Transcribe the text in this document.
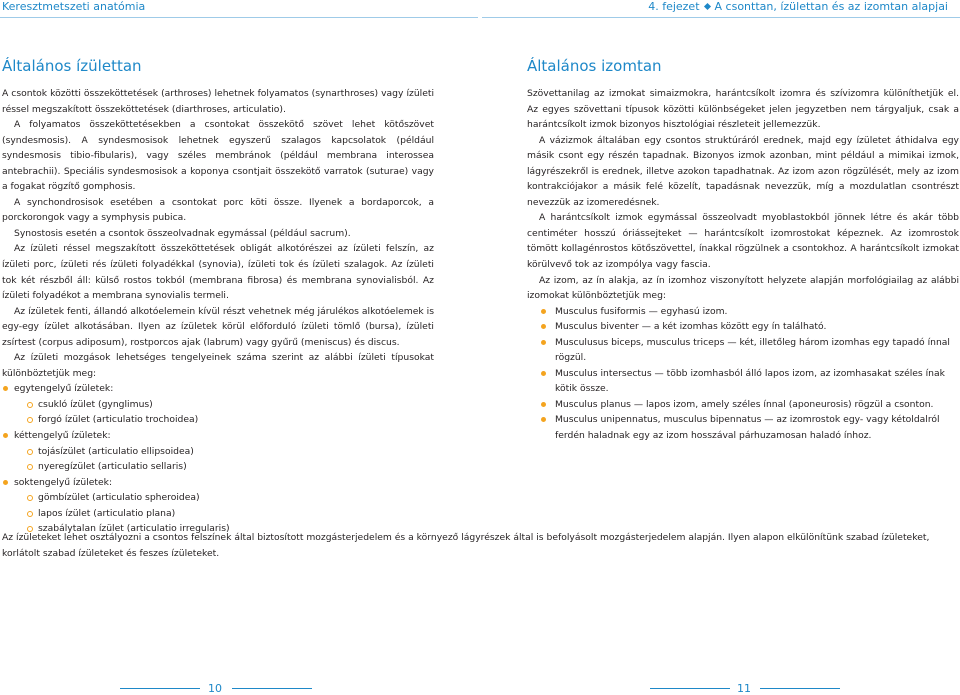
Keresztmetszeti anatómia	4. fejezet A csonttan, ízülettan és az izomtan alapjai
Általános ízülettan	Általános izomtan

A csontok közötti összeköttetések (arthroses) lehetnek folyamatos (synarthroses) vagy ízületi réssel megszakított összeköttetések (diarthroses, articulatio).

A folyamatos összeköttetésekben a csontokat összekötő szövet lehet kötőszövet (syndesmosis). A syndesmosisok lehetnek egyszerű szalagos kapcsolatok (például syndesmosis tibio-fibularis), vagy széles membránok (például membrana interossea antebrachii). Speciális syndesmosisok a koponya csontjait összekötő varratok (suturae) vagy a fogakat rögzítő gomphosis.

A synchondrosisok esetében a csontokat porc köti össze. Ilyenek a bordaporcok, a porckorongok vagy a symphysis pubica.

Synostosis esetén a csontok összeolvadnak egymással (például sacrum).

Az ízületi réssel megszakított összeköttetések obligát alkotórészei az ízületi felszín, az ízületi porc, ízületi rés ízületi folyadékkal (synovia), ízületi tok és ízületi szalagok. Az ízületi tok két részből áll: külső rostos tokból (membrana fibrosa) és membrana synovialisból. Az ízületi folyadékot a membrana synovialis termeli.

Az ízületek fenti, állandó alkotóelemein kívül részt vehetnek még járulékos alkotóelemek is egy-egy ízület alkotásában. Ilyen az ízületek körül előforduló ízületi tömlő (bursa), ízületi zsírtest (corpus adiposum), rostporcos ajak (labrum) vagy gyűrű (meniscus) és discus.

Az ízületi mozgások lehetséges tengelyeinek száma szerint az alábbi ízületi típusokat különböztetjük meg:

egytengelyű ízületek:
csukló ízület (gynglimus)
forgó ízület (articulatio trochoidea)
kéttengelyű ízületek:
tojásízület (articulatio ellipsoidea)
nyeregízület (articulatio sellaris)
soktengelyű ízületek:
gömbízület (articulatio spheroidea)
lapos ízület (articulatio plana)
szabálytalan ízület (articulatio irregularis)

Szövettanilag az izmokat simaizmokra, harántcsíkolt izomra és szívizomra különíthetjük el. Az egyes szövettani típusok közötti különbségeket jelen jegyzetben nem tárgyaljuk, csak a harántcsíkolt izmok bizonyos hisztológiai részleteit jellemezzük.

A vázizmok általában egy csontos struktúráról erednek, majd egy ízületet áthidalva egy másik csont egy részén tapadnak. Bizonyos izmok azonban, mint például a mimikai izmok, lágyrészekről is erednek, illetve azokon tapadhatnak. Az izom azon rögzülését, mely az izom kontrakciójakor a másik felé közelít, tapadásnak nevezzük, míg a mozdulatlan csontrészt nevezzük az izomeredésnek.

A harántcsíkolt izmok egymással összeolvadt myoblastokból jönnek létre és akár több centiméter hosszú óriássejteket — harántcsíkolt izomrostokat képeznek. Az izomrostok tömött kollagénrostos kötőszövettel, ínakkal rögzülnek a csontokhoz. A harántcsíkolt izmokat körülvevő tok az izompólya vagy fascia.

Az izom, az ín alakja, az ín izomhoz viszonyított helyzete alapján morfológiailag az alábbi izomokat különböztetjük meg:

Musculus fusiformis — egyhasú izom.
Musculus biventer — a két izomhas között egy ín található.
Musculusus biceps, musculus triceps — két, illetőleg három izomhas egy tapadó ínnal rögzül.
Musculus intersectus — több izomhasból álló lapos izom, az izomhasakat széles ínak kötik össze.
Musculus planus — lapos izom, amely széles ínnal (aponeurosis) rögzül a csonton.
Musculus unipennatus, musculus bipennatus — az izomrostok egy- vagy kétoldalról ferdén haladnak egy az izom hosszával párhuzamosan haladó ínhoz.

Az ízületeket lehet osztályozni a csontos felszínek által biztosított mozgásterjedelem és a környező lágyrészek által is befolyásolt mozgásterjedelem alapján. Ilyen alapon elkülönítünk szabad ízületeket, korlátolt szabad ízületeket és feszes ízületeket.

10	11
